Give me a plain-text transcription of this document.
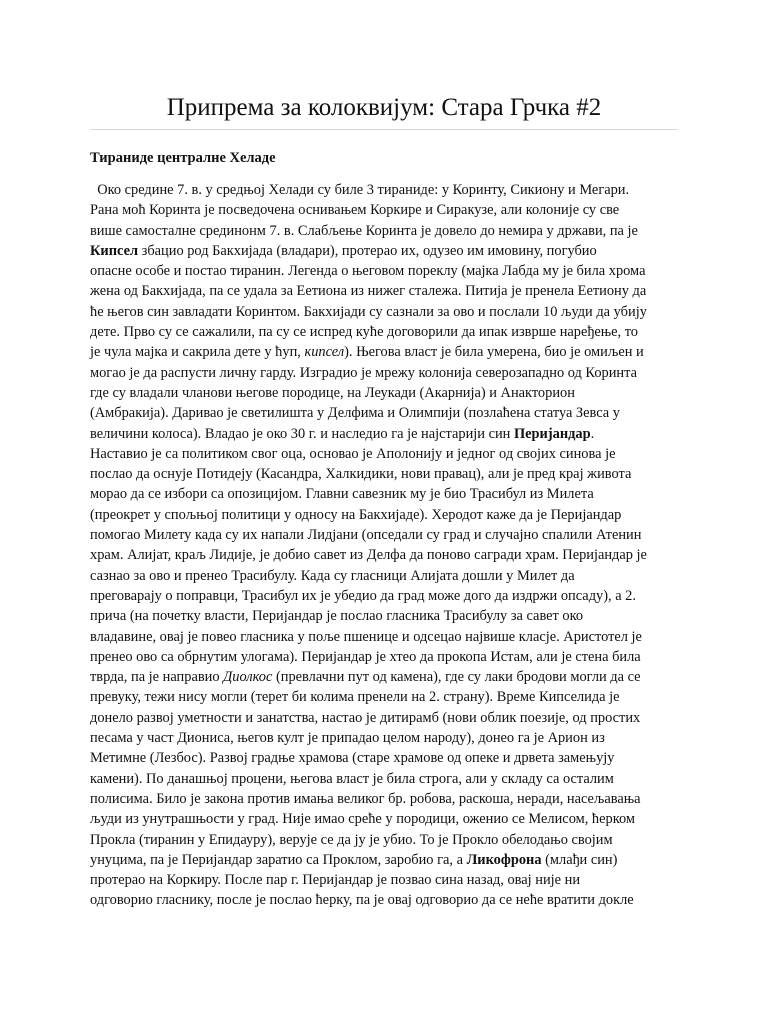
Припрема за колоквијум: Стара Грчка #2
Тираниде централне Хеладе
Око средине 7. в. у средњој Хелади су биле 3 тираниде: у Коринту, Сикиону и Мегари.
Рана моћ Коринта је посведочена оснивањем Коркире и Сиракузе, али колоније су све
више самосталне срединонм 7. в. Слабљење Коринта је довело до немира у држави, па је
Кипсел збацио род Бакхијада (владари), протерао их, одузео им имовину, погубио
опасне особе и постао тиранин. Легенда о његовом пореклу (мајка Лабда му је била хрома
жена од Бакхијада, па се удала за Еетиона из нижег сталежа. Питија је пренела Еетиону да
ће његов син завладати Коринтом. Бакхијади су сазнали за ово и послали 10 људи да убију
дете. Прво су се сажалили, па су се испред куће договорили да ипак изврше наређење, то
је чула мајка и сакрила дете у ћуп, кипсел). Његова власт је била умерена, био је омиљен и
могао је да распусти личну гарду. Изградио је мрежу колонија северозападно од Коринта
где су владали чланови његове породице, на Леукади (Акарнија) и Анакторион
(Амбракија). Даривао је светилишта у Делфима и Олимпији (позлаћена статуа Зевса у
величини колоса). Владао је око 30 г. и наследио га је најстарији син Перијандар.
Наставио је са политиком свог оца, основао је Аполонију и једног од својих синова је
послао да оснује Потидеју (Касандра, Халкидики, нови правац), али је пред крај живота
морао да се избори са опозицијом. Главни савезник му је био Трасибул из Милета
(преокрет у спољњој политици у односу на Бакхијаде). Херодот каже да је Перијандар
помогао Милету када су их напали Лидјани (опседали су град и случајно спалили Атенин
храм. Алијат, краљ Лидије, је добио савет из Делфа да поново сагради храм. Перијандар је
сазнао за ово и пренео Трасибулу. Када су гласници Алијата дошли у Милет да
преговарају о поправци, Трасибул их је убедио да град може дого да издржи опсаду), а 2.
прича (на почетку власти, Перијандар је послао гласника Трасибулу за савет око
владавине, овај је повео гласника у поље пшенице и одсецао највише класје. Аристотел је
пренео ово са обрнутим улогама). Перијандар је хтео да прокопа Истам, али је стена била
тврда, па је направио Диолкос (превлачни пут од камена), где су лаки бродови могли да се
превуку, тежи нису могли (терет би колима пренели на 2. страну). Време Кипселида је
донело развој уметности и занатства, настао је дитирамб (нови облик поезије, од простих
песама у част Диониса, његов култ је припадао целом народу), донео га је Арион из
Метимне (Лезбос). Развој градње храмова (старе храмове од опеке и дрвета замењују
камени). По данашњој процени, његова власт је била строга, али у складу са осталим
полисима. Било је закона против имања великог бр. робова, раскоша, неради, насељавања
људи из унутрашњости у град. Није имао среће у породици, оженио се Мелисом, ћерком
Прокла (тиранин у Епидауру), верује се да ју је убио. То је Прокло обелодањо својим
унуцима, па је Перијандар заратио са Проклом, заробио га, а Ликофрона (млађи син)
протерао на Коркиру. После пар г. Перијандар је позвао сина назад, овај није ни
одговорио гласнику, после је послао ћерку, па је овај одговорио да се неће вратити докле
